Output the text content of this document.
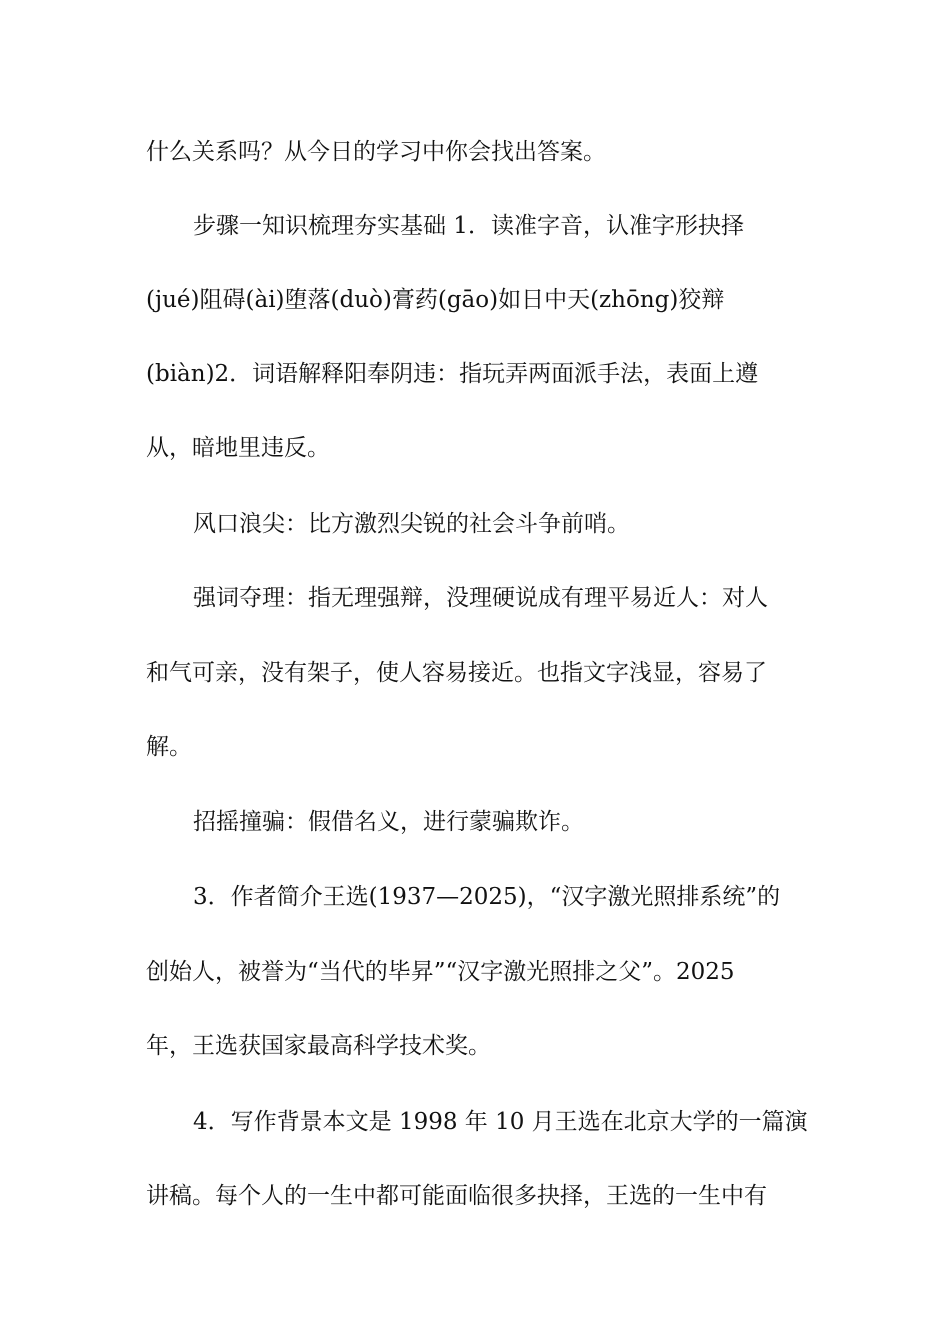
什么关系吗？从今日的学习中你会找出答案。
步骤一知识梳理夯实基础 1．读准字音，认准字形抉择
(jué)阻碍(ài)堕落(duò)膏药(gāo)如日中天(zhōng)狡辩
(biàn)2．词语解释阳奉阴违：指玩弄两面派手法，表面上遵
从，暗地里违反。
风口浪尖：比方激烈尖锐的社会斗争前哨。
强词夺理：指无理强辩，没理硬说成有理平易近人：对人
和气可亲，没有架子，使人容易接近。也指文字浅显，容易了
解。
招摇撞骗：假借名义，进行蒙骗欺诈。
3．作者简介王选(1937—2025)，“汉字激光照排系统”的
创始人，被誉为“当代的毕昇”“汉字激光照排之父”。2025
年，王选获国家最高科学技术奖。
4．写作背景本文是 1998 年 10 月王选在北京大学的一篇演
讲稿。每个人的一生中都可能面临很多抉择，王选的一生中有
